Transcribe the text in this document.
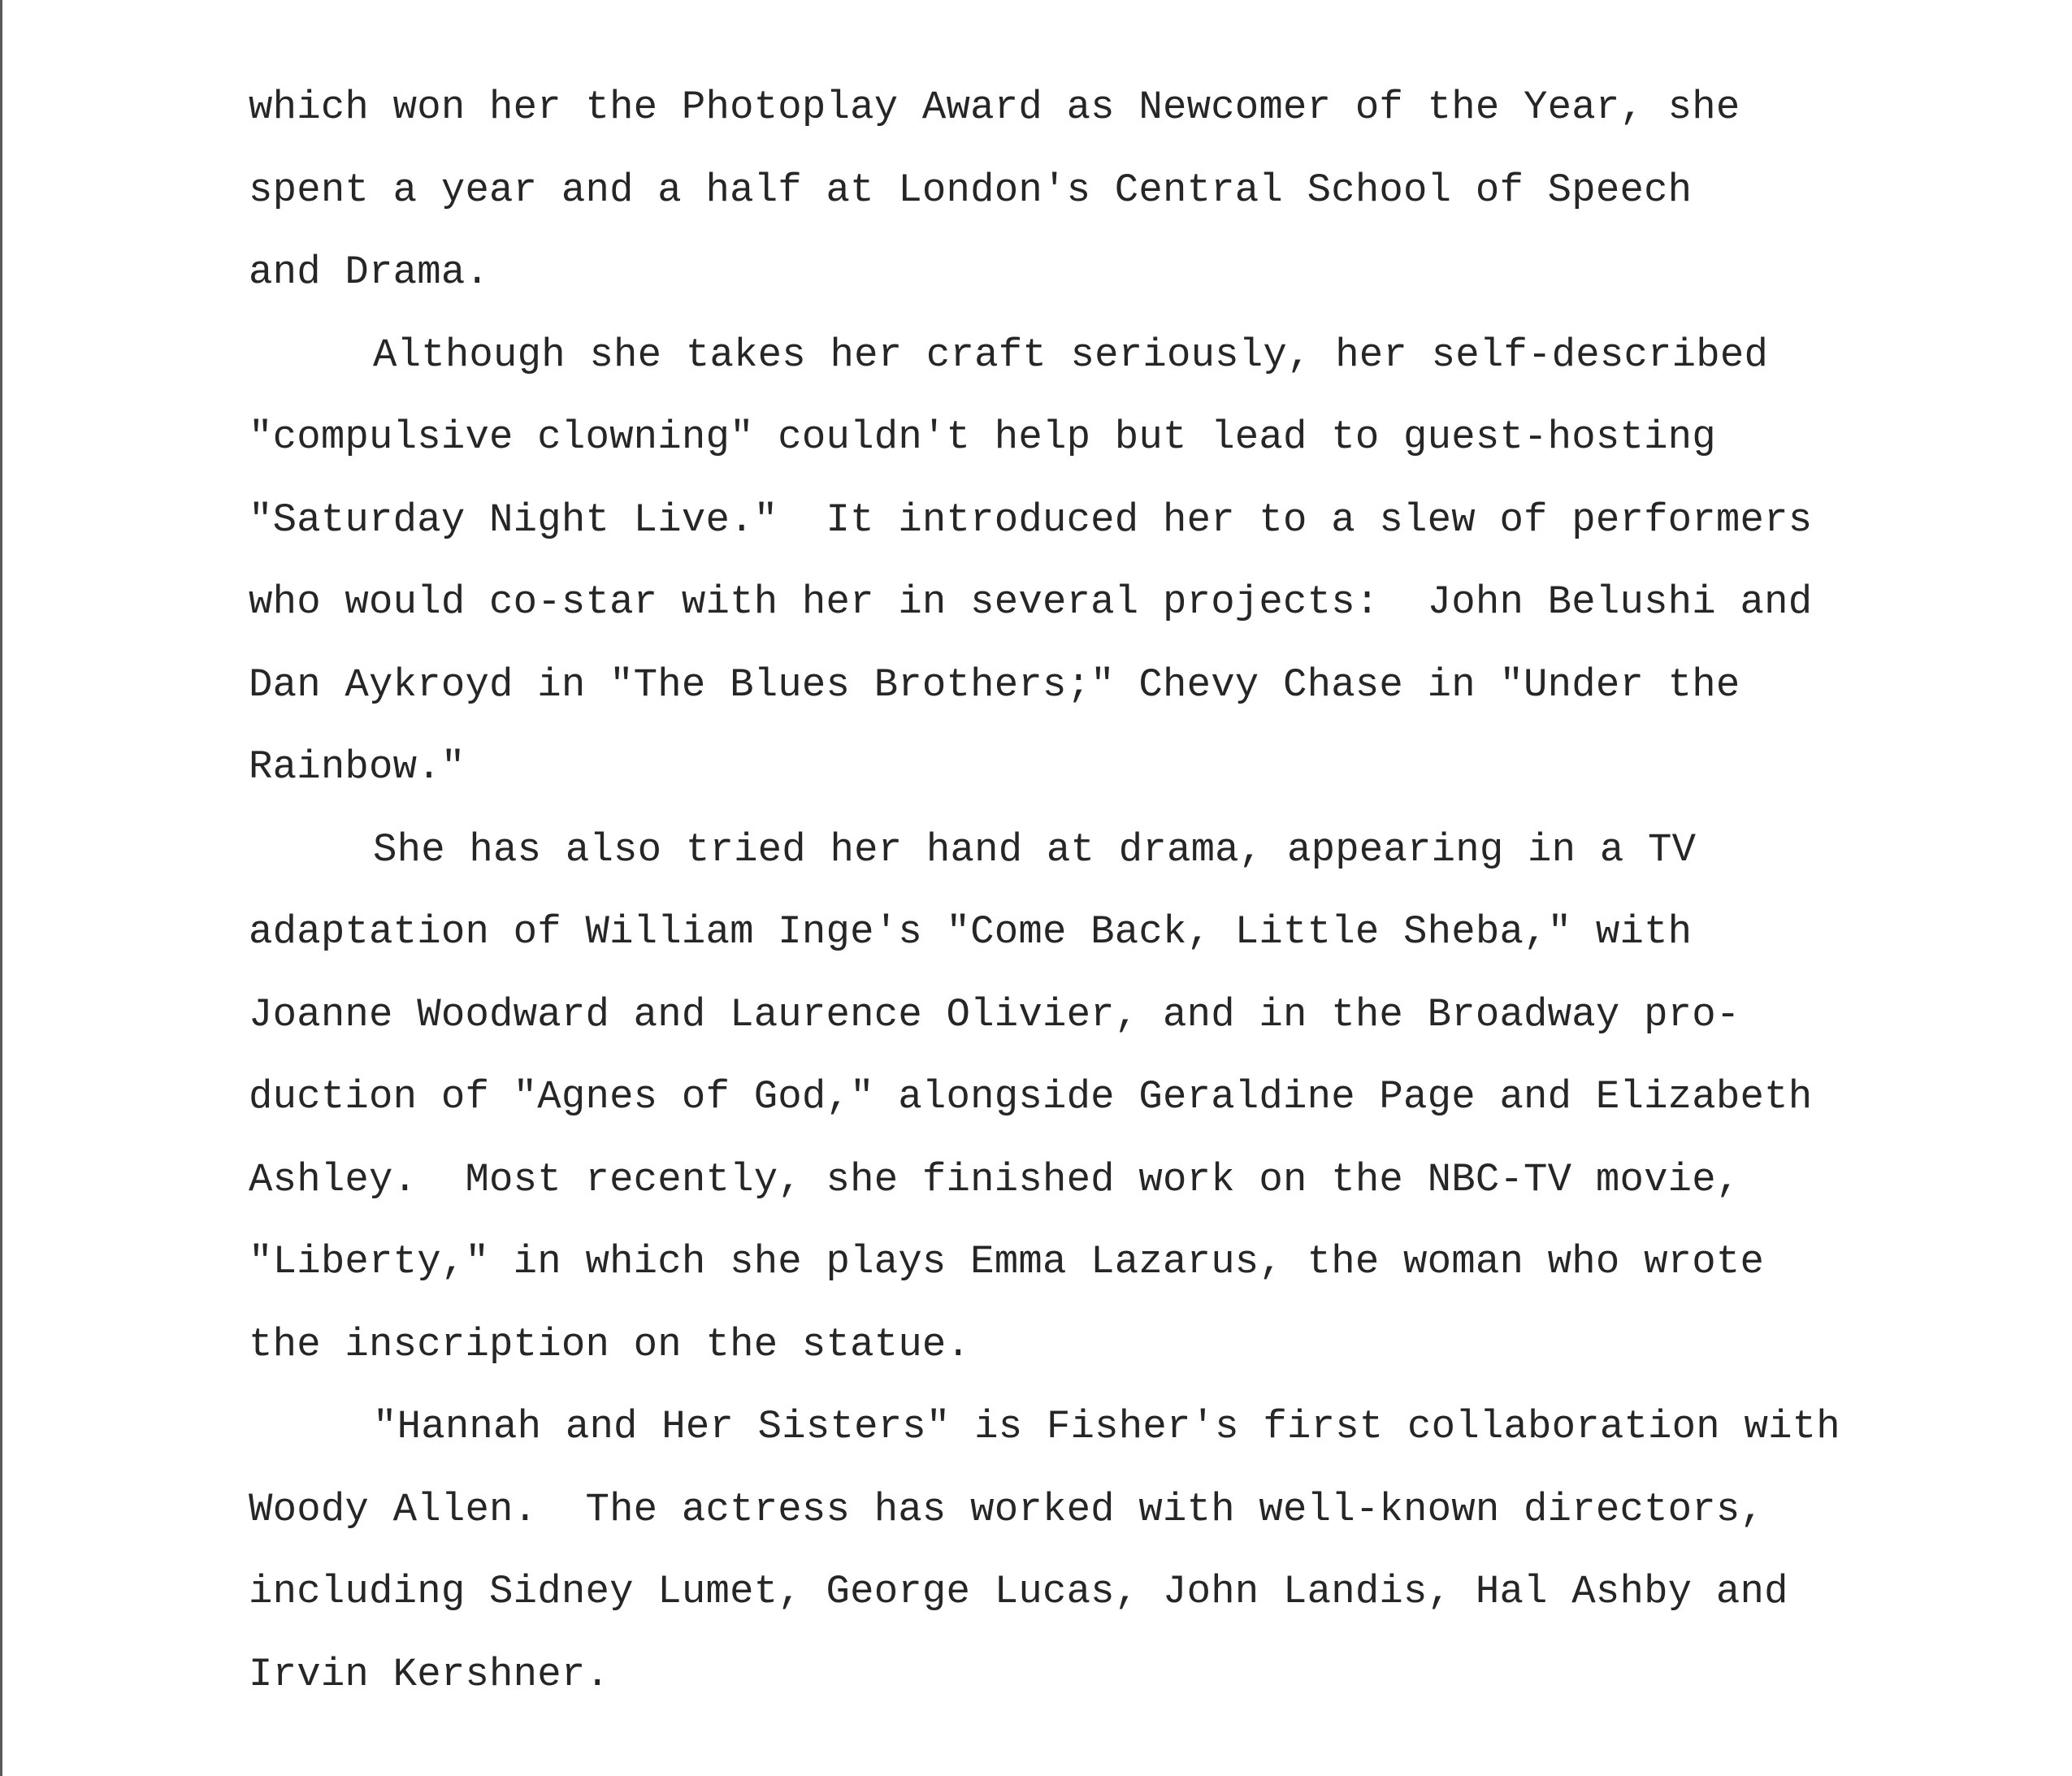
which won her the Photoplay Award as Newcomer of the Year, she
spent a year and a half at London's Central School of Speech
and Drama.
Although she takes her craft seriously, her self-described
"compulsive clowning" couldn't help but lead to guest-hosting
"Saturday Night Live."  It introduced her to a slew of performers
who would co-star with her in several projects:  John Belushi and
Dan Aykroyd in "The Blues Brothers;" Chevy Chase in "Under the
Rainbow."
She has also tried her hand at drama, appearing in a TV
adaptation of William Inge's "Come Back, Little Sheba," with
Joanne Woodward and Laurence Olivier, and in the Broadway pro-
duction of "Agnes of God," alongside Geraldine Page and Elizabeth
Ashley.  Most recently, she finished work on the NBC-TV movie,
"Liberty," in which she plays Emma Lazarus, the woman who wrote
the inscription on the statue.
"Hannah and Her Sisters" is Fisher's first collaboration with
Woody Allen.  The actress has worked with well-known directors,
including Sidney Lumet, George Lucas, John Landis, Hal Ashby and
Irvin Kershner.
